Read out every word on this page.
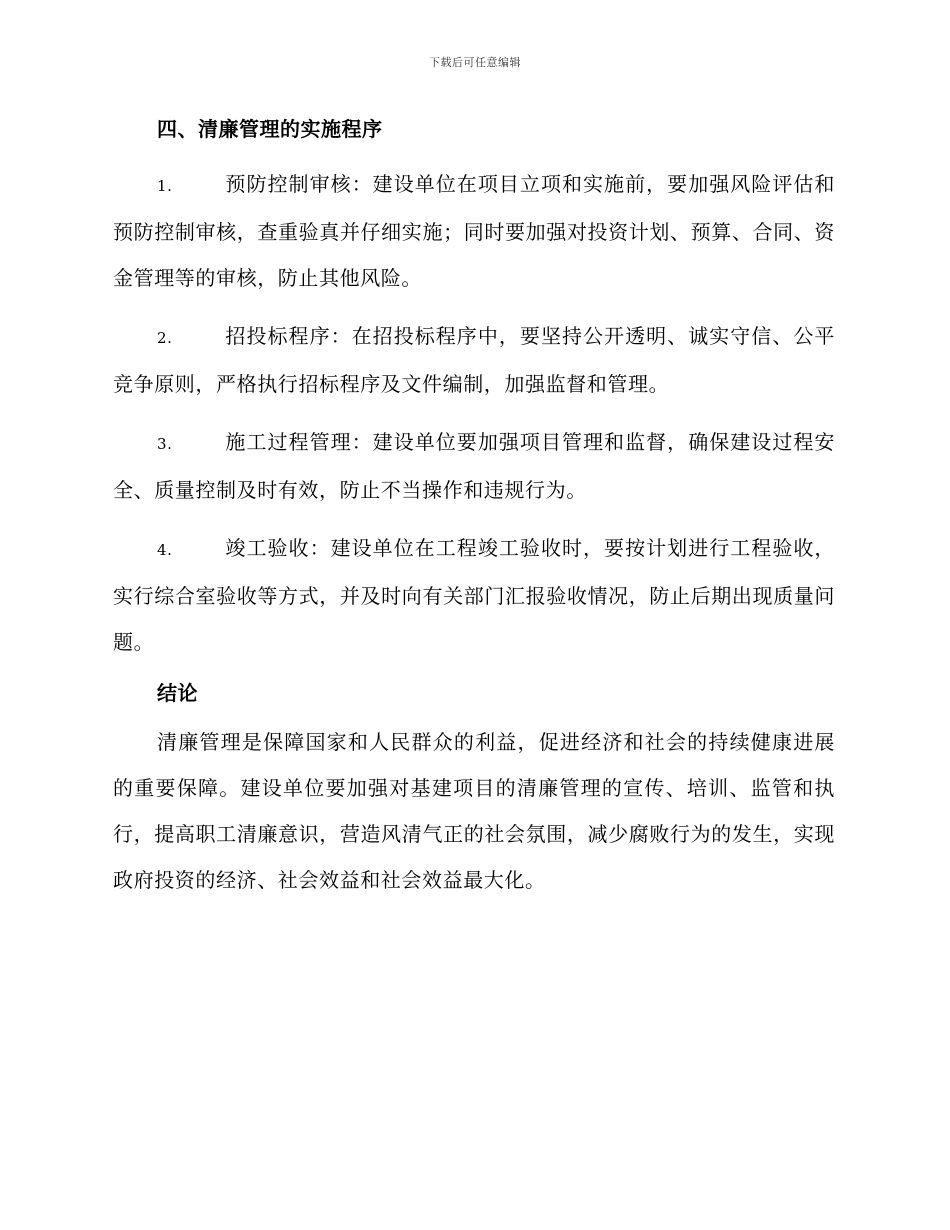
下载后可任意编辑
四、清廉管理的实施程序

1.	预防控制审核：建设单位在项目立项和实施前，要加强风险评估和预防控制审核，查重验真并仔细实施；同时要加强对投资计划、预算、合同、资金管理等的审核，防止其他风险。

2.	招投标程序：在招投标程序中，要坚持公开透明、诚实守信、公平竞争原则，严格执行招标程序及文件编制，加强监督和管理。

3.	施工过程管理：建设单位要加强项目管理和监督，确保建设过程安全、质量控制及时有效，防止不当操作和违规行为。

4.	竣工验收：建设单位在工程竣工验收时，要按计划进行工程验收，实行综合室验收等方式，并及时向有关部门汇报验收情况，防止后期出现质量问题。

结论

清廉管理是保障国家和人民群众的利益，促进经济和社会的持续健康进展的重要保障。建设单位要加强对基建项目的清廉管理的宣传、培训、监管和执行，提高职工清廉意识，营造风清气正的社会氛围，减少腐败行为的发生，实现政府投资的经济、社会效益和社会效益最大化。
